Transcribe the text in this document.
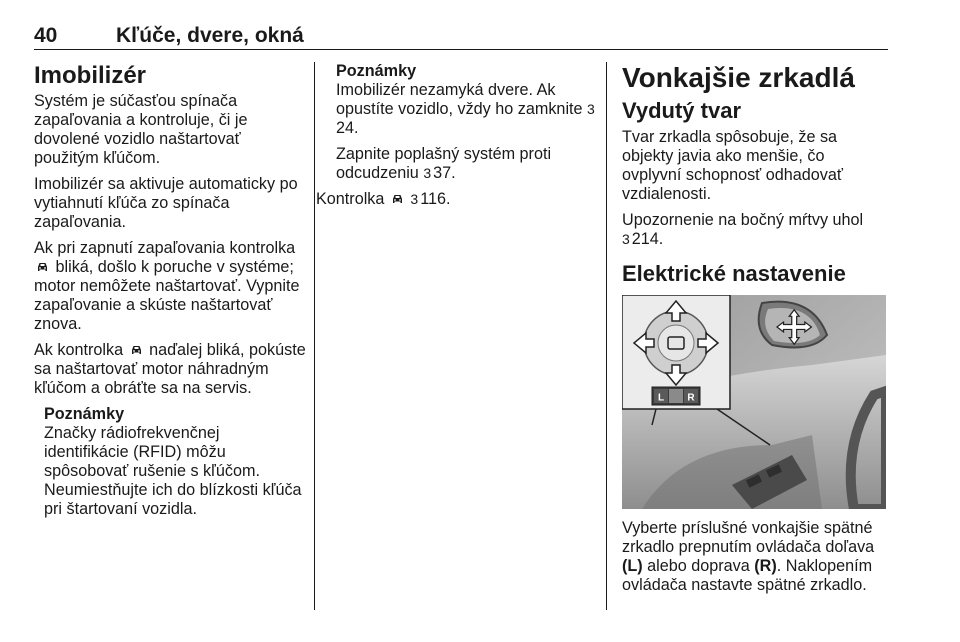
40	Kľúče, dvere, okná
Imobilizér

Systém je súčasťou spínača zapaľovania a kontroluje, či je dovolené vozidlo naštartovať použitým kľúčom.

Imobilizér sa aktivuje automaticky po vytiahnutí kľúča zo spínača zapaľovania.

Ak pri zapnutí zapaľovania kontrolka  bliká, došlo k poruche v systéme; motor nemôžete naštartovať. Vypnite zapaľovanie a skúste naštartovať znova.

Ak kontrolka naďalej bliká, pokúste sa naštartovať motor náhradným kľúčom a obráťte sa na servis.

Poznámky
Značky rádiofrekvenčnej identifikácie (RFID) môžu spôsobovať rušenie s kľúčom. Neumiestňujte ich do blízkosti kľúča pri štartovaní vozidla.
Poznámky

Imobilizér nezamyká dvere. Ak opustíte vozidlo, vždy ho zamknite 324.

Zapnite poplašný systém proti odcudzeniu 3 37.

Kontrolka 3 116.

Vonkajšie zrkadlá
Vydutý tvar

Tvar zrkadla spôsobuje, že sa objekty javia ako menšie, čo ovplyvní schopnosť odhadovať vzdialenosti.

Upozornenie na bočný mŕtvy uhol
3 214.

Elektrické nastavenie
L R

Vyberte príslušné vonkajšie spätné zrkadlo prepnutím ovládača doľava (L) alebo doprava (R). Naklopením ovládača nastavte spätné zrkadlo.
